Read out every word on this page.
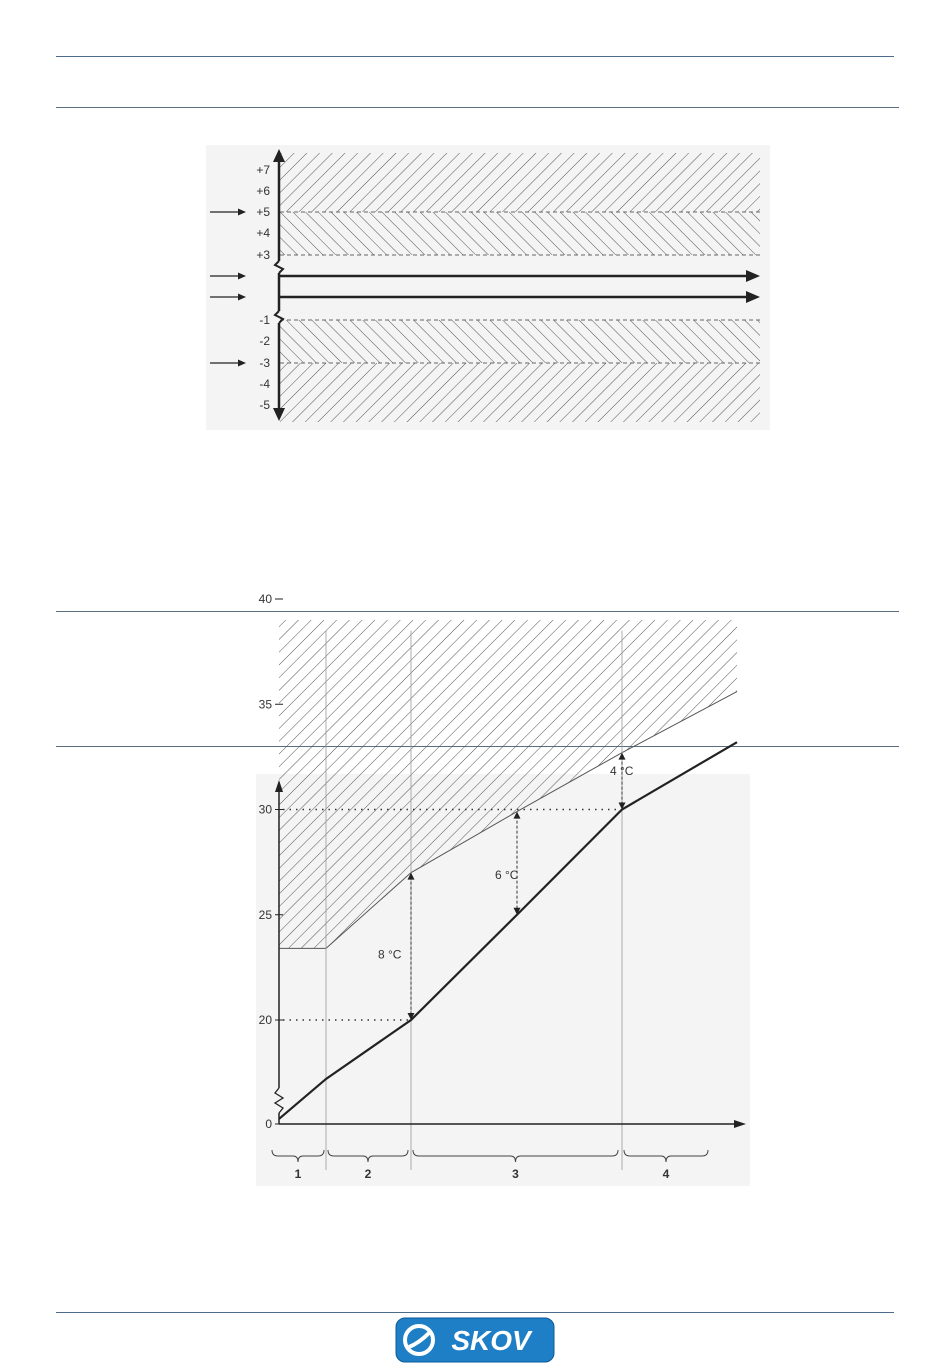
+7
+6
+5
+4
+3
-1
-2
-3
-4
-5
40
35
30
25
20
0
8 °C
6 °C
4 °C
1	2	3	4
SKOV
